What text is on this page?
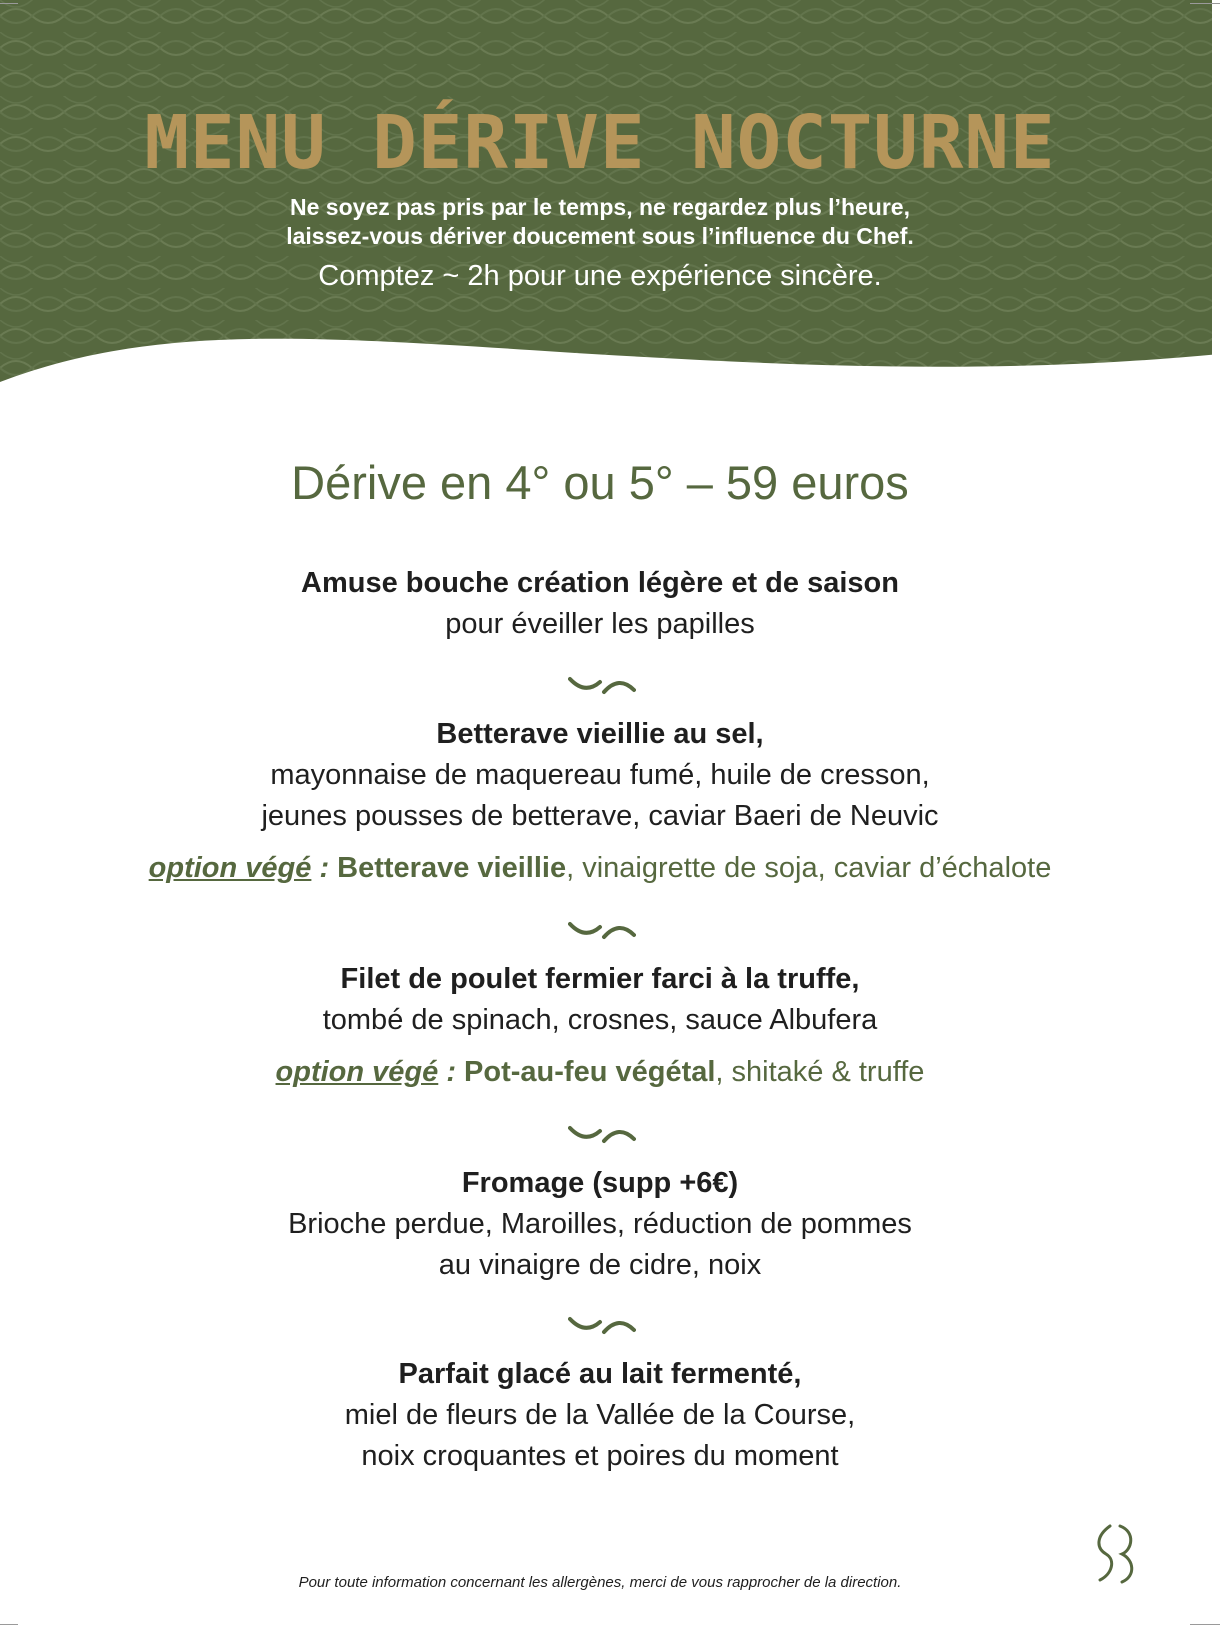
MENU DÉRIVE NOCTURNE
Ne soyez pas pris par le temps, ne regardez plus l’heure,
laissez-vous dériver doucement sous l’influence du Chef.
Comptez ~ 2h pour une expérience sincère.
Dérive en 4° ou 5° – 59 euros
Amuse bouche création légère et de saison
pour éveiller les papilles
Betterave vieillie au sel,
mayonnaise de maquereau fumé, huile de cresson,
jeunes pousses de betterave, caviar Baeri de Neuvic
option végé : Betterave vieillie, vinaigrette de soja, caviar d’échalote
Filet de poulet fermier farci à la truffe,
tombé de spinach, crosnes, sauce Albufera
option végé : Pot-au-feu végétal, shitaké & truffe
Fromage (supp +6€)
Brioche perdue, Maroilles, réduction de pommes
au vinaigre de cidre, noix
Parfait glacé au lait fermenté,
miel de fleurs de la Vallée de la Course,
noix croquantes et poires du moment
Pour toute information concernant les allergènes, merci de vous rapprocher de la direction.
